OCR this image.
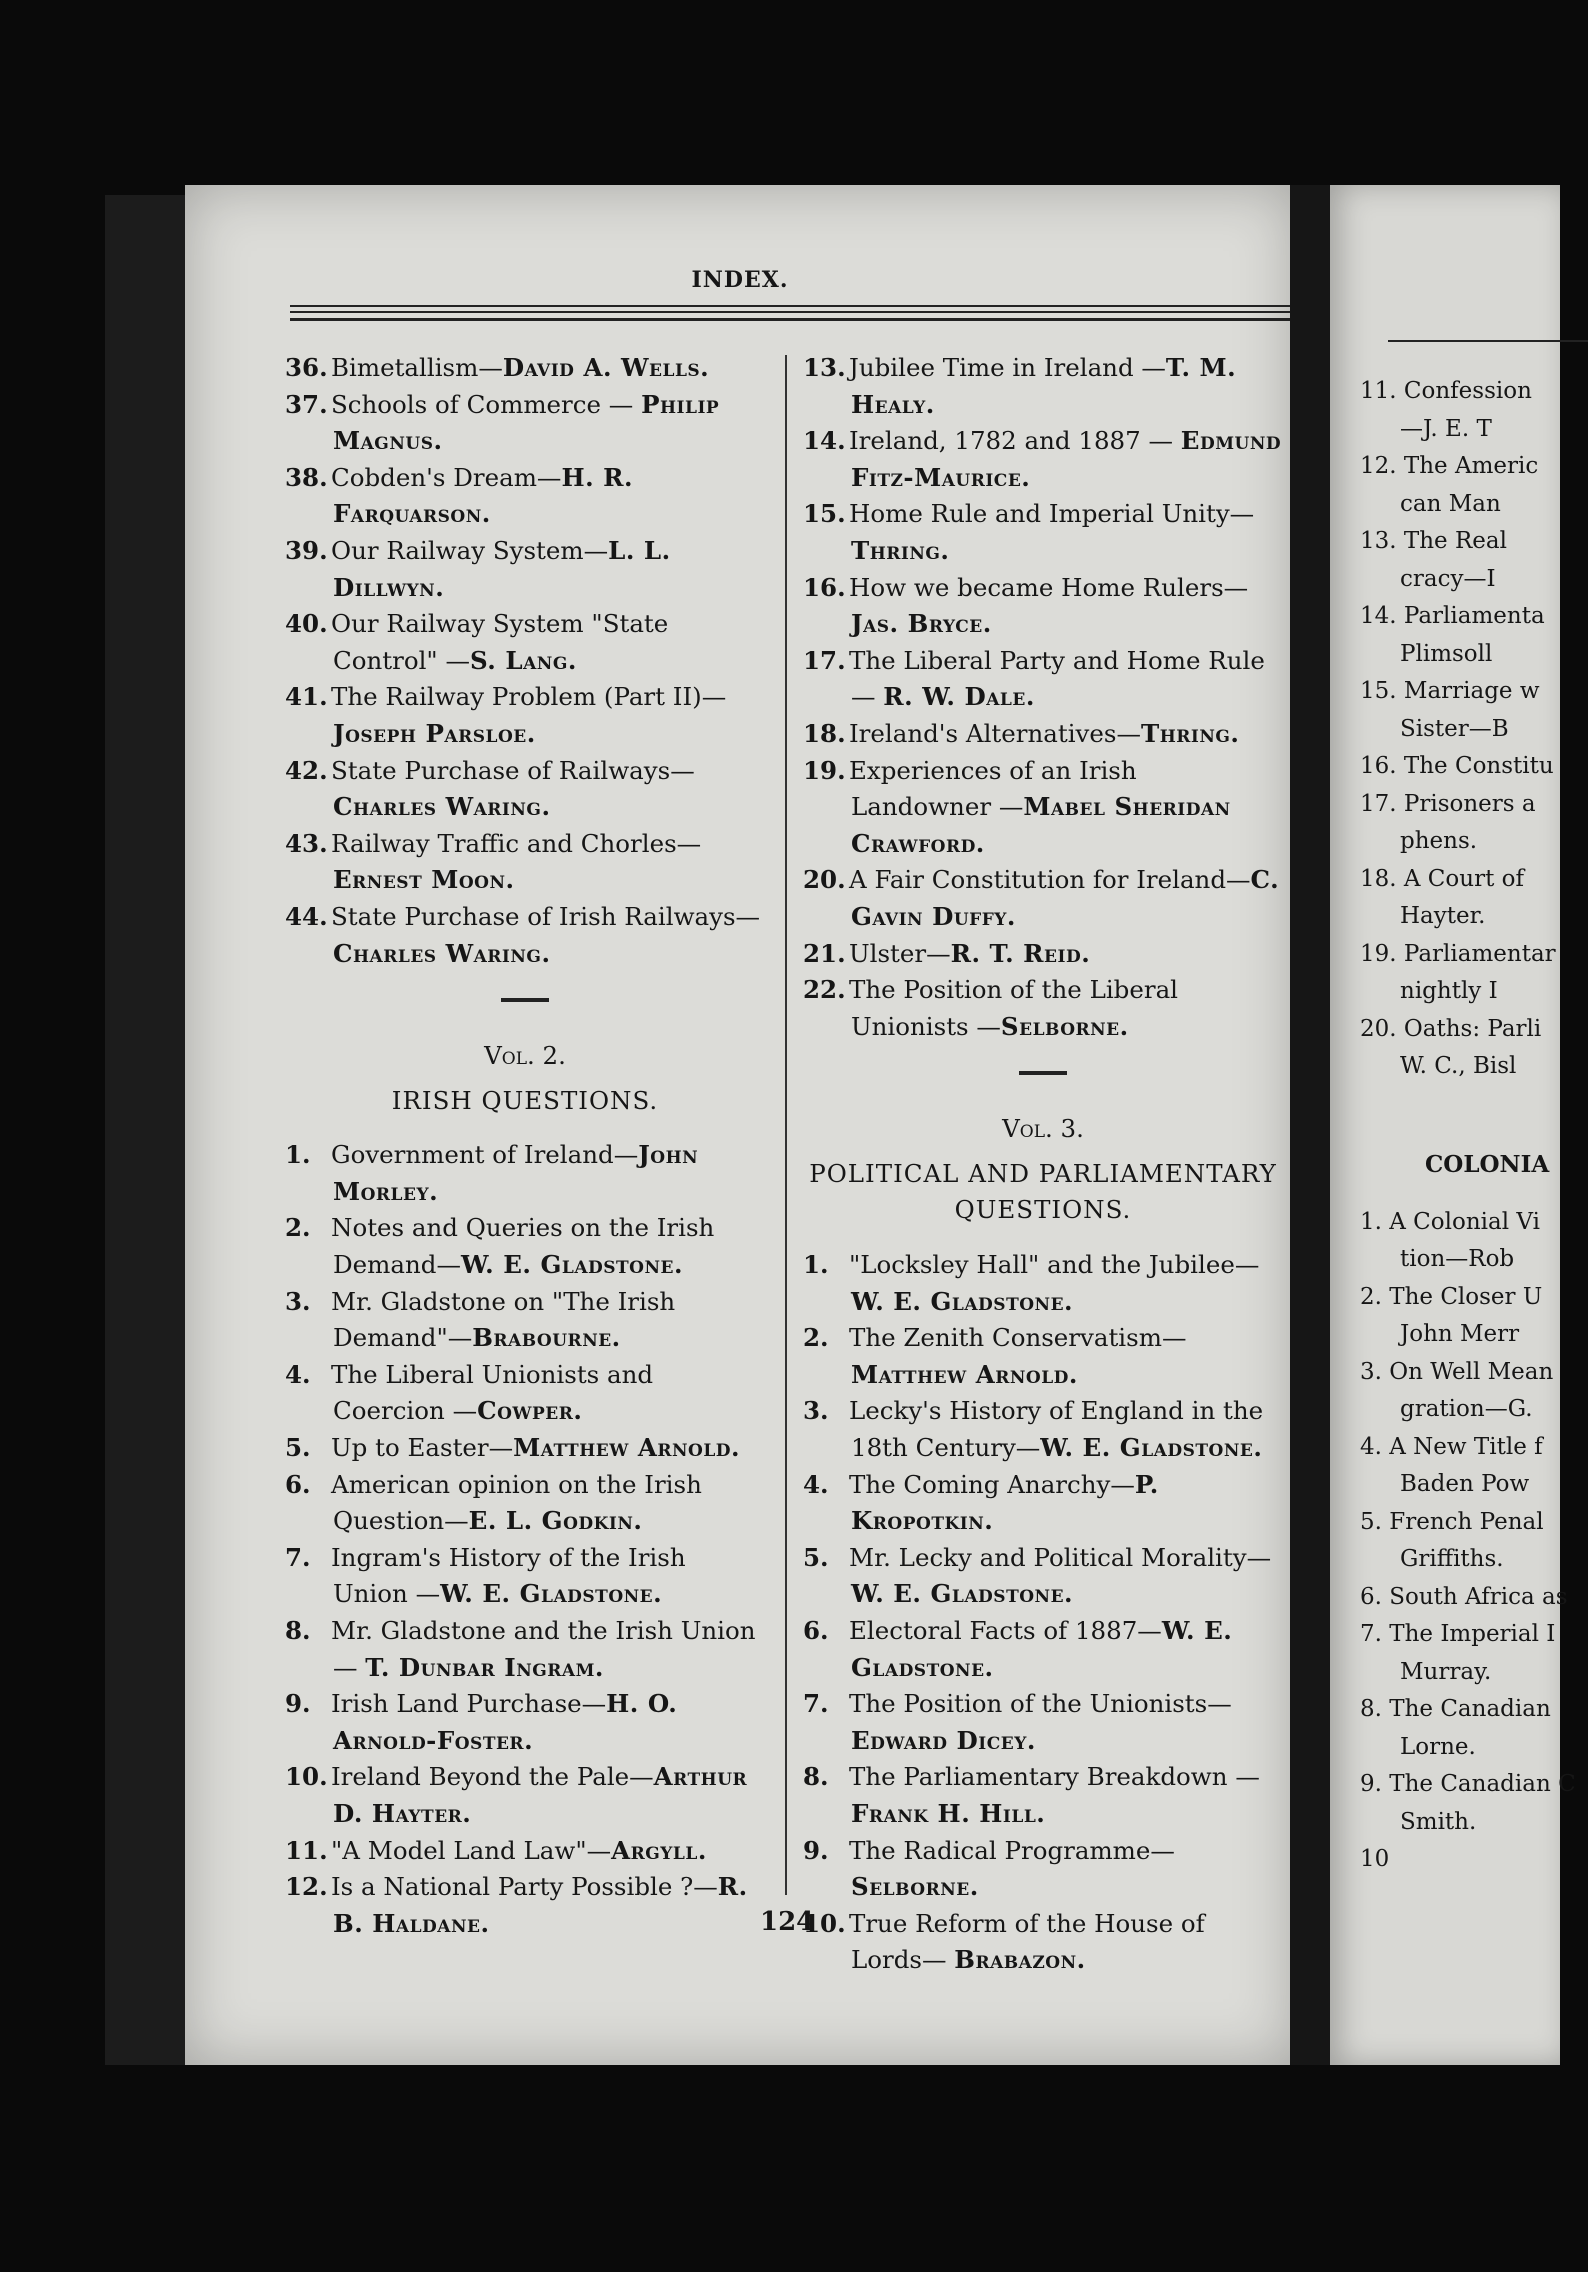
INDEX.
36. Bimetallism—David A. Wells.
37. Schools of Commerce — Philip Magnus.
38. Cobden's Dream—H. R. Farquarson.
39. Our Railway System—L. L. Dillwyn.
40. Our Railway System "State Control" —S. Lang.
41. The Railway Problem (Part II)—Joseph Parsloe.
42. State Purchase of Railways—Charles Waring.
43. Railway Traffic and Chorles—Ernest Moon.
44. State Purchase of Irish Railways—Charles Waring.
Vol. 2.
IRISH QUESTIONS.
1. Government of Ireland—John Morley.
2. Notes and Queries on the Irish Demand—W. E. Gladstone.
3. Mr. Gladstone on "The Irish Demand"—Brabourne.
4. The Liberal Unionists and Coercion —Cowper.
5. Up to Easter—Matthew Arnold.
6. American opinion on the Irish Question—E. L. Godkin.
7. Ingram's History of the Irish Union —W. E. Gladstone.
8. Mr. Gladstone and the Irish Union— T. Dunbar Ingram.
9. Irish Land Purchase—H. O. Arnold-Foster.
10. Ireland Beyond the Pale—Arthur D. Hayter.
11. "A Model Land Law"—Argyll.
12. Is a National Party Possible ?—R. B. Haldane.
13. Jubilee Time in Ireland —T. M. Healy.
14. Ireland, 1782 and 1887 — Edmund Fitz-Maurice.
15. Home Rule and Imperial Unity— Thring.
16. How we became Home Rulers—Jas. Bryce.
17. The Liberal Party and Home Rule— R. W. Dale.
18. Ireland's Alternatives—Thring.
19. Experiences of an Irish Landowner —Mabel Sheridan Crawford.
20. A Fair Constitution for Ireland—C. Gavin Duffy.
21. Ulster—R. T. Reid.
22. The Position of the Liberal Unionists —Selborne.
Vol. 3.
POLITICAL AND PARLIAMENTARY QUESTIONS.
1. "Locksley Hall" and the Jubilee— W. E. Gladstone.
2. The Zenith Conservatism—Matthew Arnold.
3. Lecky's History of England in the 18th Century—W. E. Gladstone.
4. The Coming Anarchy—P. Kropotkin.
5. Mr. Lecky and Political Morality— W. E. Gladstone.
6. Electoral Facts of 1887—W. E. Gladstone.
7. The Position of the Unionists—Edward Dicey.
8. The Parliamentary Breakdown — Frank H. Hill.
9. The Radical Programme—Selborne.
10. True Reform of the House of Lords— Brabazon.
124
11. Confession
—J. E. T
12. The Americ
can Man
13. The Real
cracy—I
14. Parliamenta
Plimsoll
15. Marriage w
Sister—B
16. The Constitu
17. Prisoners a
phens.
18. A Court of
Hayter.
19. Parliamentar
nightly I
20. Oaths: Parli
W. C., Bisl
COLONIA
1. A Colonial Vi
tion—Rob
2. The Closer U
John Merr
3. On Well Mean
gration—G.
4. A New Title f
Baden Pow
5. French Penal
Griffiths.
6. South Africa as
7. The Imperial I
Murray.
8. The Canadian
Lorne.
9. The Canadian C
Smith.
10
